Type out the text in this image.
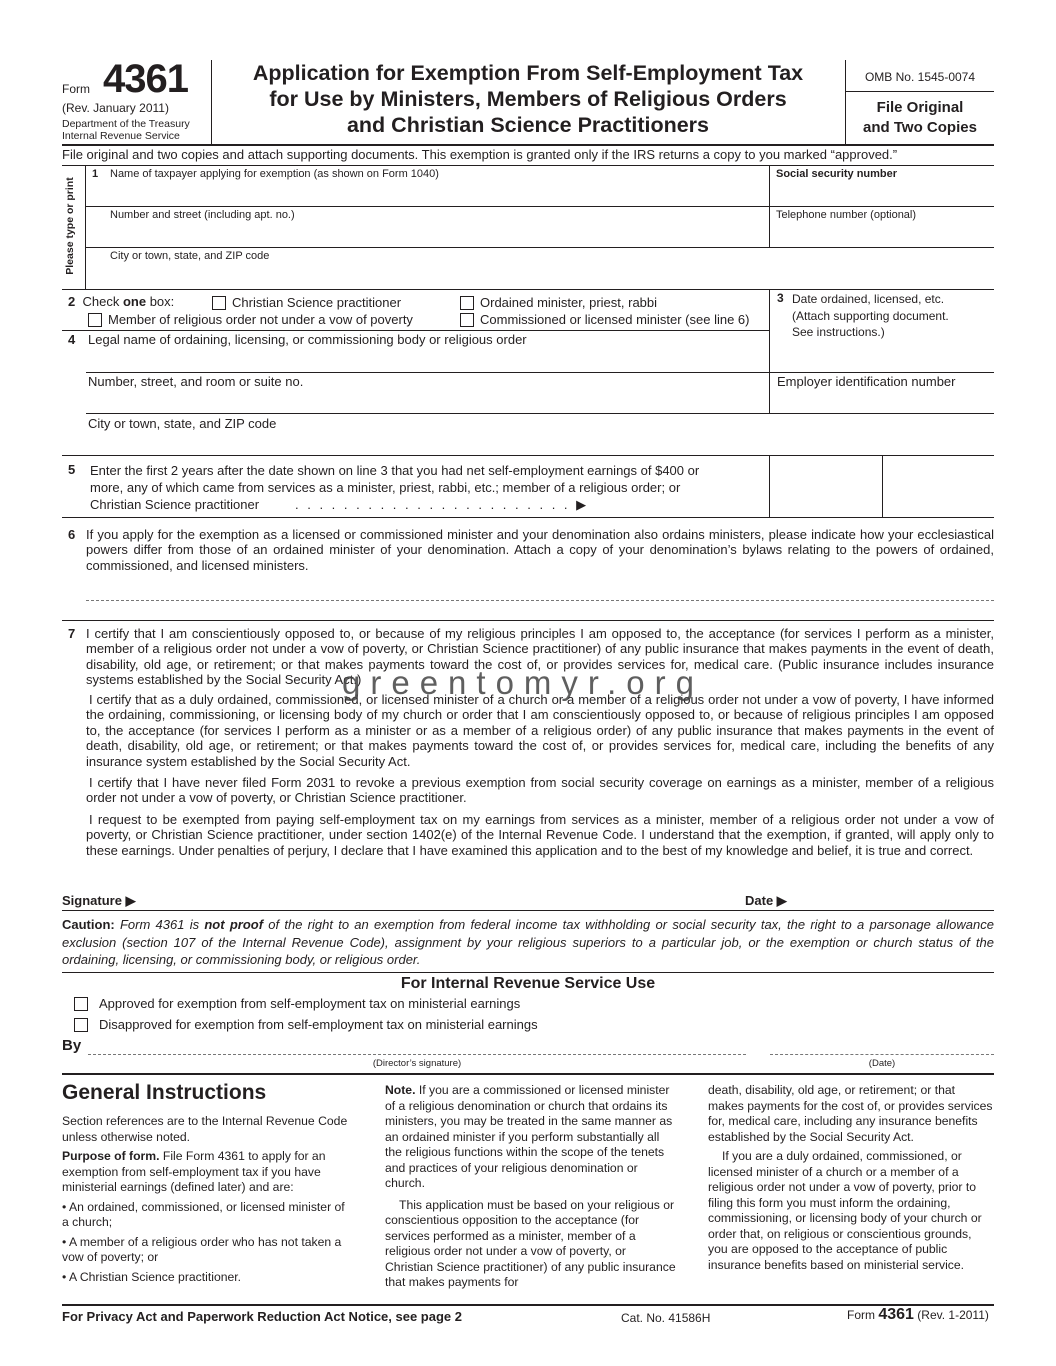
Form 4361
(Rev. January 2011)
Department of the Treasury
Internal Revenue Service
Application for Exemption From Self-Employment Tax
for Use by Ministers, Members of Religious Orders
and Christian Science Practitioners
OMB No. 1545-0074
File Original
and Two Copies
File original and two copies and attach supporting documents. This exemption is granted only if the IRS returns a copy to you marked “approved.”
Please type or print
1 Name of taxpayer applying for exemption (as shown on Form 1040)	Social security number
Number and street (including apt. no.)	Telephone number (optional)
City or town, state, and ZIP code
2 Check one box:	Christian Science practitioner	Ordained minister, priest, rabbi
Member of religious order not under a vow of poverty	Commissioned or licensed minister (see line 6)
3 Date ordained, licensed, etc.
(Attach supporting document.
See instructions.)
4 Legal name of ordaining, licensing, or commissioning body or religious order
Number, street, and room or suite no.	Employer identification number
City or town, state, and ZIP code
5 Enter the first 2 years after the date shown on line 3 that you had net self-employment earnings of $400 or
more, any of which came from services as a minister, priest, rabbi, etc.; member of a religious order; or
Christian Science practitioner	. . . . . . . . . . . . . . . . . . . . . . . ▶
6 If you apply for the exemption as a licensed or commissioned minister and your denomination also ordains ministers, please indicate how your ecclesiastical powers differ from those of an ordained minister of your denomination. Attach a copy of your denomination’s bylaws relating to the powers of ordained, commissioned, and licensed ministers.
7 I certify that I am conscientiously opposed to, or because of my religious principles I am opposed to, the acceptance (for services I perform as a minister, member of a religious order not under a vow of poverty, or Christian Science practitioner) of any public insurance that makes payments in the event of death, disability, old age, or retirement; or that makes payments toward the cost of, or provides services for, medical care. (Public insurance includes insurance systems established by the Social Security Act.)
I certify that as a duly ordained, commissioned, or licensed minister of a church or a member of a religious order not under a vow of poverty, I have informed the ordaining, commissioning, or licensing body of my church or order that I am conscientiously opposed to, or because of religious principles I am opposed to, the acceptance (for services I perform as a minister or as a member of a religious order) of any public insurance that makes payments in the event of death, disability, old age, or retirement; or that makes payments toward the cost of, or provides services for, medical care, including the benefits of any insurance system established by the Social Security Act.
I certify that I have never filed Form 2031 to revoke a previous exemption from social security coverage on earnings as a minister, member of a religious order not under a vow of poverty, or Christian Science practitioner.
I request to be exempted from paying self-employment tax on my earnings from services as a minister, member of a religious order not under a vow of poverty, or Christian Science practitioner, under section 1402(e) of the Internal Revenue Code. I understand that the exemption, if granted, will apply only to these earnings. Under penalties of perjury, I declare that I have examined this application and to the best of my knowledge and belief, it is true and correct.
greentomyr.org
Signature ▶	Date ▶
Caution: Form 4361 is not proof of the right to an exemption from federal income tax withholding or social security tax, the right to a parsonage allowance exclusion (section 107 of the Internal Revenue Code), assignment by your religious superiors to a particular job, or the exemption or church status of the ordaining, licensing, or commissioning body, or religious order.
For Internal Revenue Service Use
Approved for exemption from self-employment tax on ministerial earnings
Disapproved for exemption from self-employment tax on ministerial earnings
By
(Director’s signature)	(Date)
General Instructions

Section references are to the Internal Revenue Code unless otherwise noted.

Purpose of form. File Form 4361 to apply for an exemption from self-employment tax if you have ministerial earnings (defined later) and are:

• An ordained, commissioned, or licensed minister of a church;

• A member of a religious order who has not taken a vow of poverty; or

• A Christian Science practitioner.

Note. If you are a commissioned or licensed minister of a religious denomination or church that ordains its ministers, you may be treated in the same manner as an ordained minister if you perform substantially all the religious functions within the scope of the tenets and practices of your religious denomination or church.

This application must be based on your religious or conscientious opposition to the acceptance (for services performed as a minister, member of a religious order not under a vow of poverty, or Christian Science practitioner) of any public insurance that makes payments for

death, disability, old age, or retirement; or that makes payments for the cost of, or provides services for, medical care, including any insurance benefits established by the Social Security Act.

If you are a duly ordained, commissioned, or licensed minister of a church or a member of a religious order not under a vow of poverty, prior to filing this form you must inform the ordaining, commissioning, or licensing body of your church or order that, on religious or conscientious grounds, you are opposed to the acceptance of public insurance benefits based on ministerial service.

For Privacy Act and Paperwork Reduction Act Notice, see page 2	Cat. No. 41586H	Form 4361 (Rev. 1-2011)
